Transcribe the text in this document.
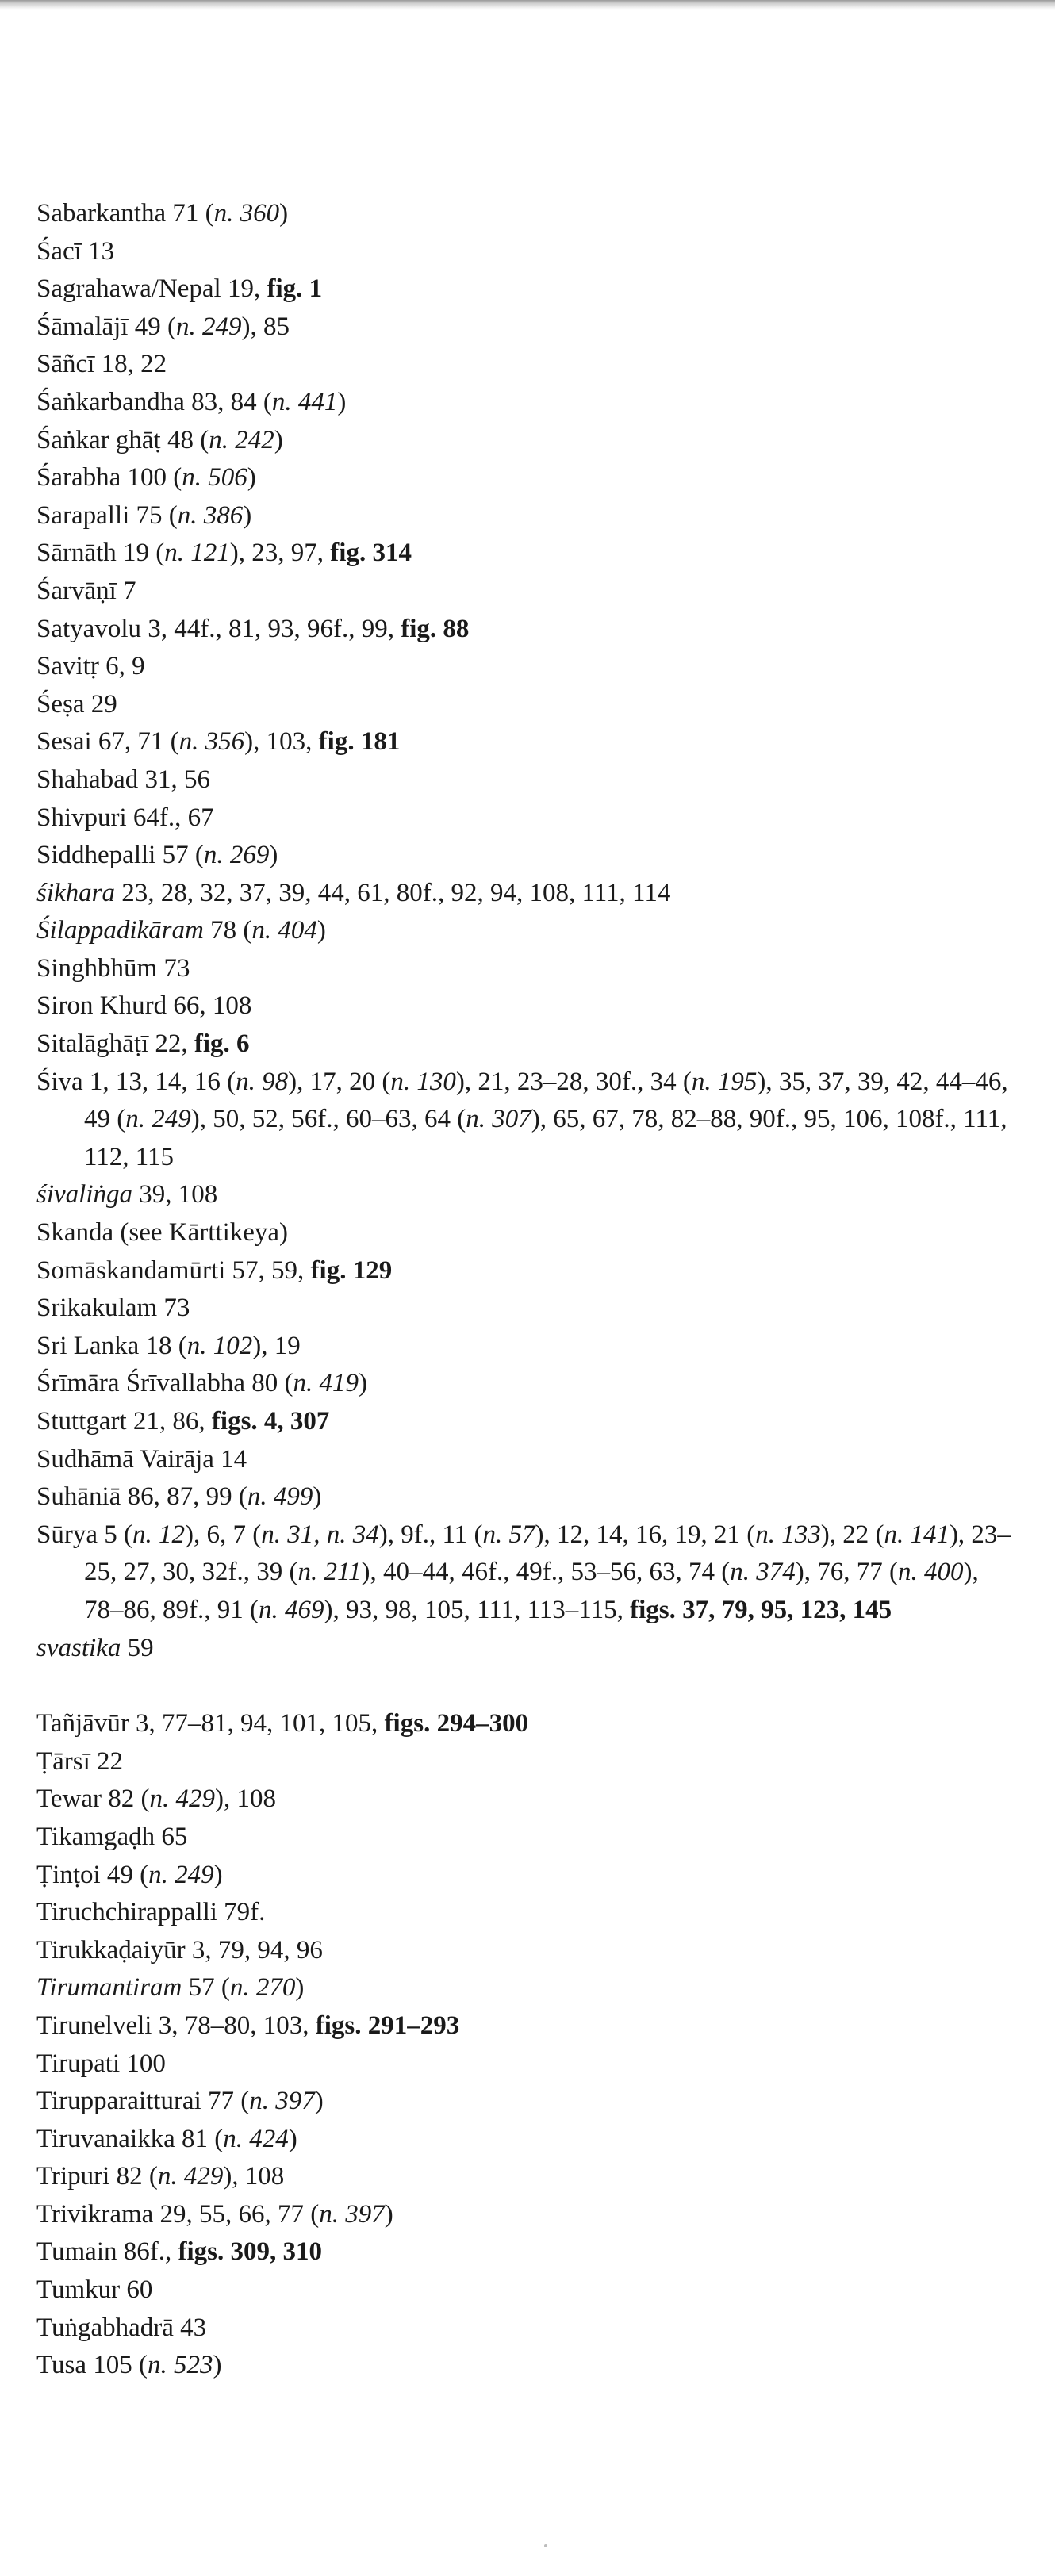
Sabarkantha 71 (n. 360)
Śacī 13
Sagrahawa/Nepal 19, fig. 1
Śāmalājī 49 (n. 249), 85
Sāñcī 18, 22
Śaṅkarbandha 83, 84 (n. 441)
Śaṅkar ghāṭ 48 (n. 242)
Śarabha 100 (n. 506)
Sarapalli 75 (n. 386)
Sārnāth 19 (n. 121), 23, 97, fig. 314
Śarvāṇī 7
Satyavolu 3, 44f., 81, 93, 96f., 99, fig. 88
Savitṛ 6, 9
Śeṣa 29
Sesai 67, 71 (n. 356), 103, fig. 181
Shahabad 31, 56
Shivpuri 64f., 67
Siddhepalli 57 (n. 269)
śikhara 23, 28, 32, 37, 39, 44, 61, 80f., 92, 94, 108, 111, 114
Śilappadikāram 78 (n. 404)
Singhbhūm 73
Siron Khurd 66, 108
Sitalāghāṭī 22, fig. 6
Śiva 1, 13, 14, 16 (n. 98), 17, 20 (n. 130), 21, 23–28, 30f., 34 (n. 195), 35, 37, 39, 42, 44–46, 49 (n. 249), 50, 52, 56f., 60–63, 64 (n. 307), 65, 67, 78, 82–88, 90f., 95, 106, 108f., 111, 112, 115
śivaliṅga 39, 108
Skanda (see Kārttikeya)
Somāskandamūrti 57, 59, fig. 129
Srikakulam 73
Sri Lanka 18 (n. 102), 19
Śrīmāra Śrīvallabha 80 (n. 419)
Stuttgart 21, 86, figs. 4, 307
Sudhāmā Vairāja 14
Suhāniā 86, 87, 99 (n. 499)
Sūrya 5 (n. 12), 6, 7 (n. 31, n. 34), 9f., 11 (n. 57), 12, 14, 16, 19, 21 (n. 133), 22 (n. 141), 23–25, 27, 30, 32f., 39 (n. 211), 40–44, 46f., 49f., 53–56, 63, 74 (n. 374), 76, 77 (n. 400), 78–86, 89f., 91 (n. 469), 93, 98, 105, 111, 113–115, figs. 37, 79, 95, 123, 145
svastika 59
Tañjāvūr 3, 77–81, 94, 101, 105, figs. 294–300
Ṭārsī 22
Tewar 82 (n. 429), 108
Tikamgaḍh 65
Ṭinṭoi 49 (n. 249)
Tiruchchirappalli 79f.
Tirukkaḍaiyūr 3, 79, 94, 96
Tirumantiram 57 (n. 270)
Tirunelveli 3, 78–80, 103, figs. 291–293
Tirupati 100
Tirupparaitturai 77 (n. 397)
Tiruvanaikka 81 (n. 424)
Tripuri 82 (n. 429), 108
Trivikrama 29, 55, 66, 77 (n. 397)
Tumain 86f., figs. 309, 310
Tumkur 60
Tuṅgabhadrā 43
Tusa 105 (n. 523)
